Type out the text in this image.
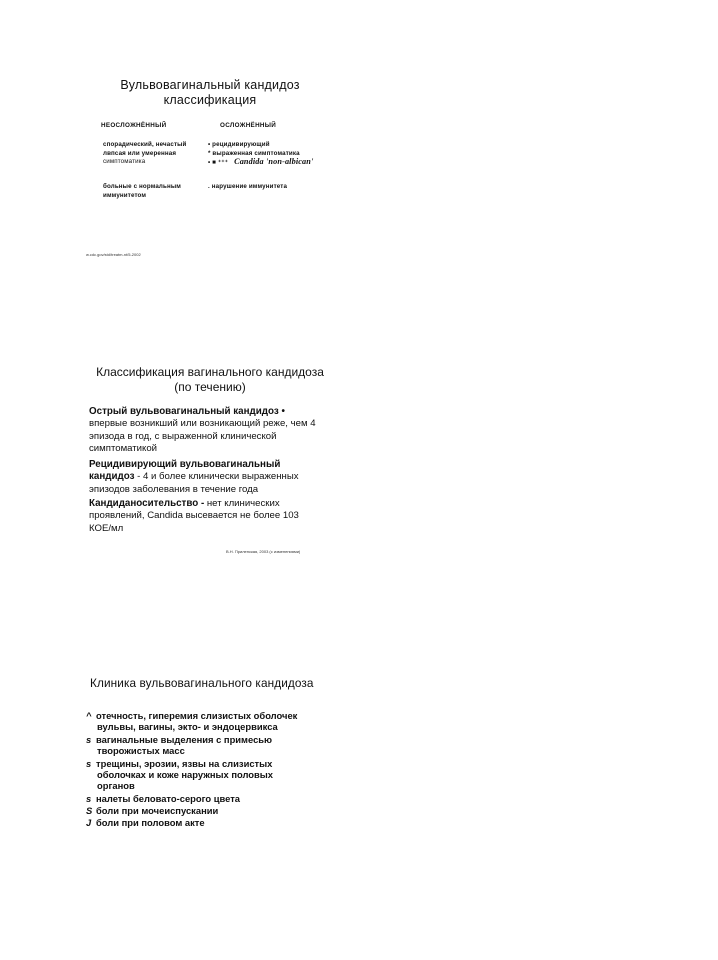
Вульвовагинальный кандидоз
классификация
НЕОСЛОЖНЁННЫЙ	ОСЛОЖНЁННЫЙ
спорадический, нечастый
лвпсая или умеренная
симптоматика
больные с нормальным
иммунитетом
• рецидивирующий
* выраженная симптоматика
• ■ ⁺⁺⁺ Candida 'non-albican'
. нарушение иммунитета
w.cdc.gov/std/treatm-nt/5-2002
Классификация вагинального кандидоза
(по течению)
Острый вульвовагинальный кандидоз •
впервые возникший или возникающий реже, чем 4
эпизода в год, с выраженной клинической
симптоматикой
Рецидивирующий вульвовагинальный
кандидоз - 4 и более клинически выраженных
эпизодов заболевания в течение года
Кандиданосительство - нет клинических
проявлений, Candida высевается не более 103
КОЕ/мл
В.Н. Прилепская, 2003 (с изменениями)
Клиника вульвовагинального кандидоза
^ отечность, гиперемия слизистых оболочек
вульвы, вагины, экто- и эндоцервикса
s вагинальные выделения с примесью
творожистых масс
s трещины, эрозии, язвы на слизистых
оболочках и коже наружных половых
органов
s налеты беловато-серого цвета
S боли при мочеиспускании
J боли при половом акте
